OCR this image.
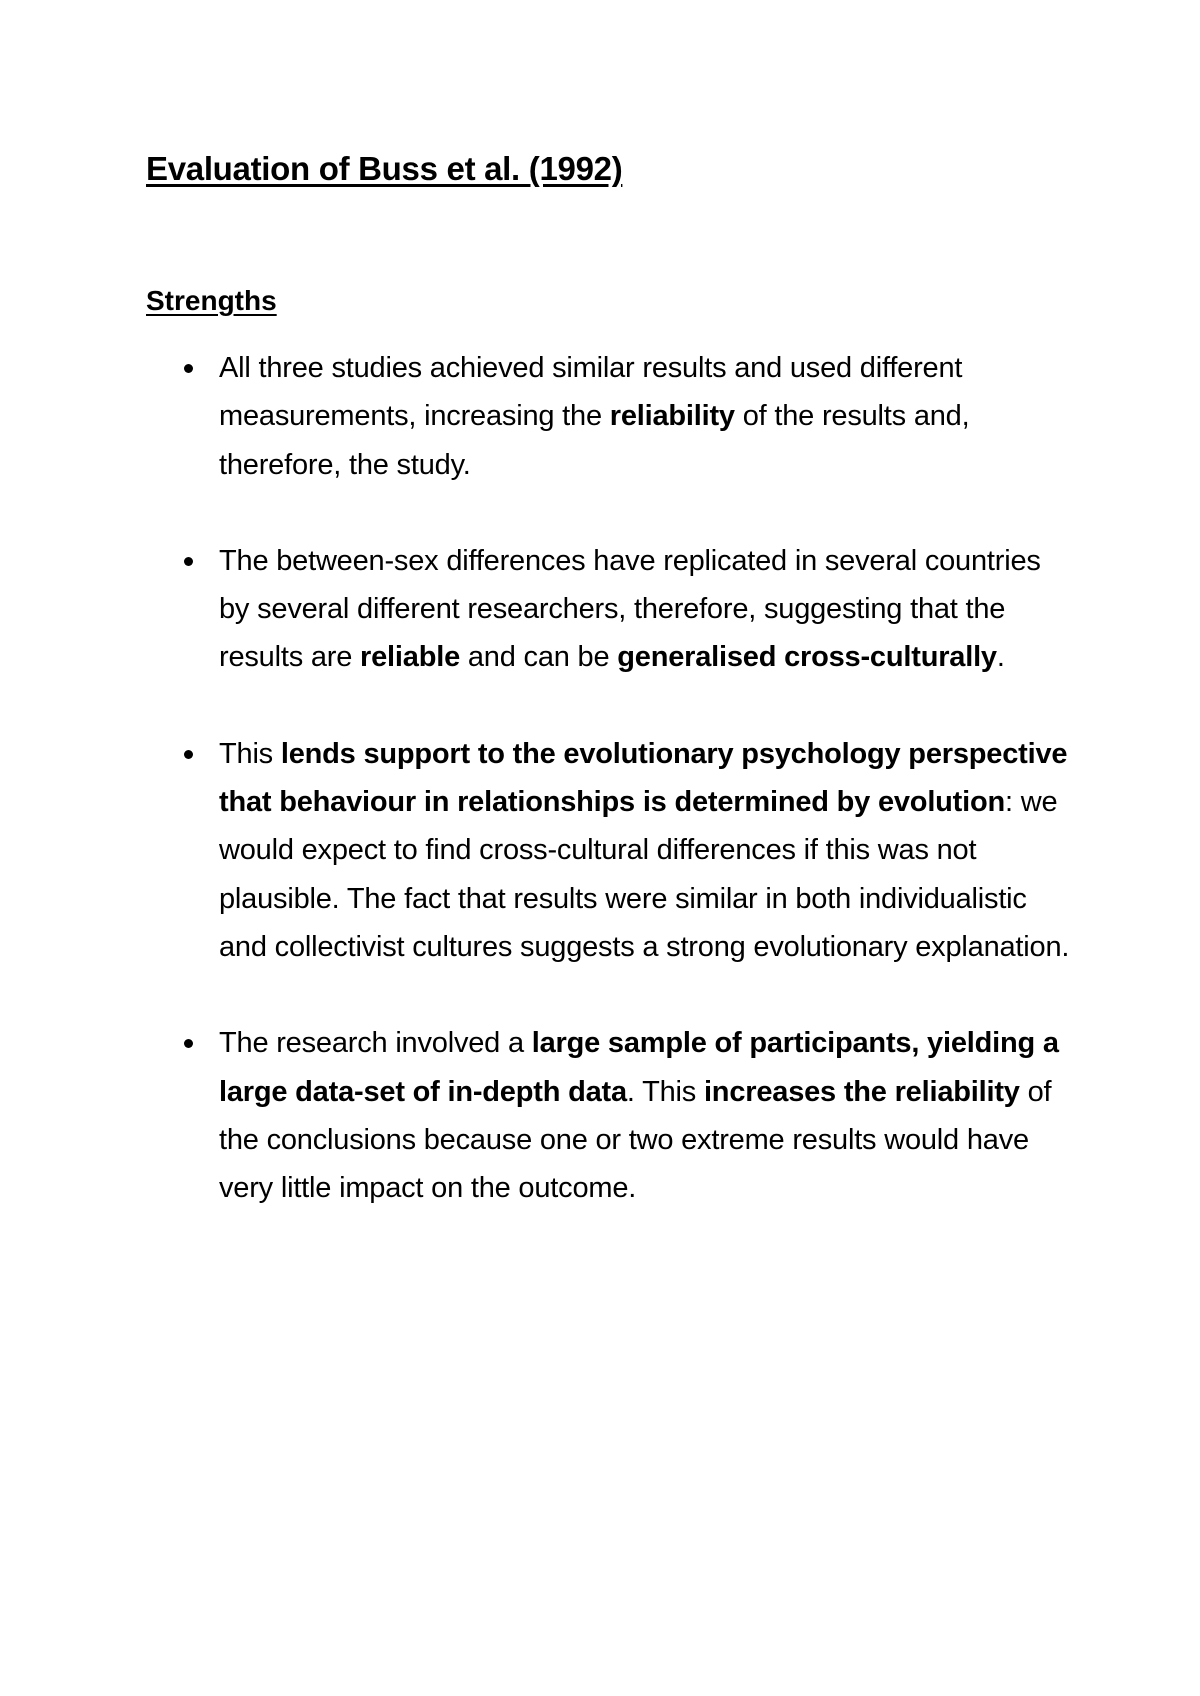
Evaluation of Buss et al. (1992)
Strengths
All three studies achieved similar results and used different measurements, increasing the reliability of the results and, therefore, the study.
The between-sex differences have replicated in several countries by several different researchers, therefore, suggesting that the results are reliable and can be generalised cross-culturally.
This lends support to the evolutionary psychology perspective that behaviour in relationships is determined by evolution: we would expect to find cross-cultural differences if this was not plausible. The fact that results were similar in both individualistic and collectivist cultures suggests a strong evolutionary explanation.
The research involved a large sample of participants, yielding a large data-set of in-depth data. This increases the reliability of the conclusions because one or two extreme results would have very little impact on the outcome.
